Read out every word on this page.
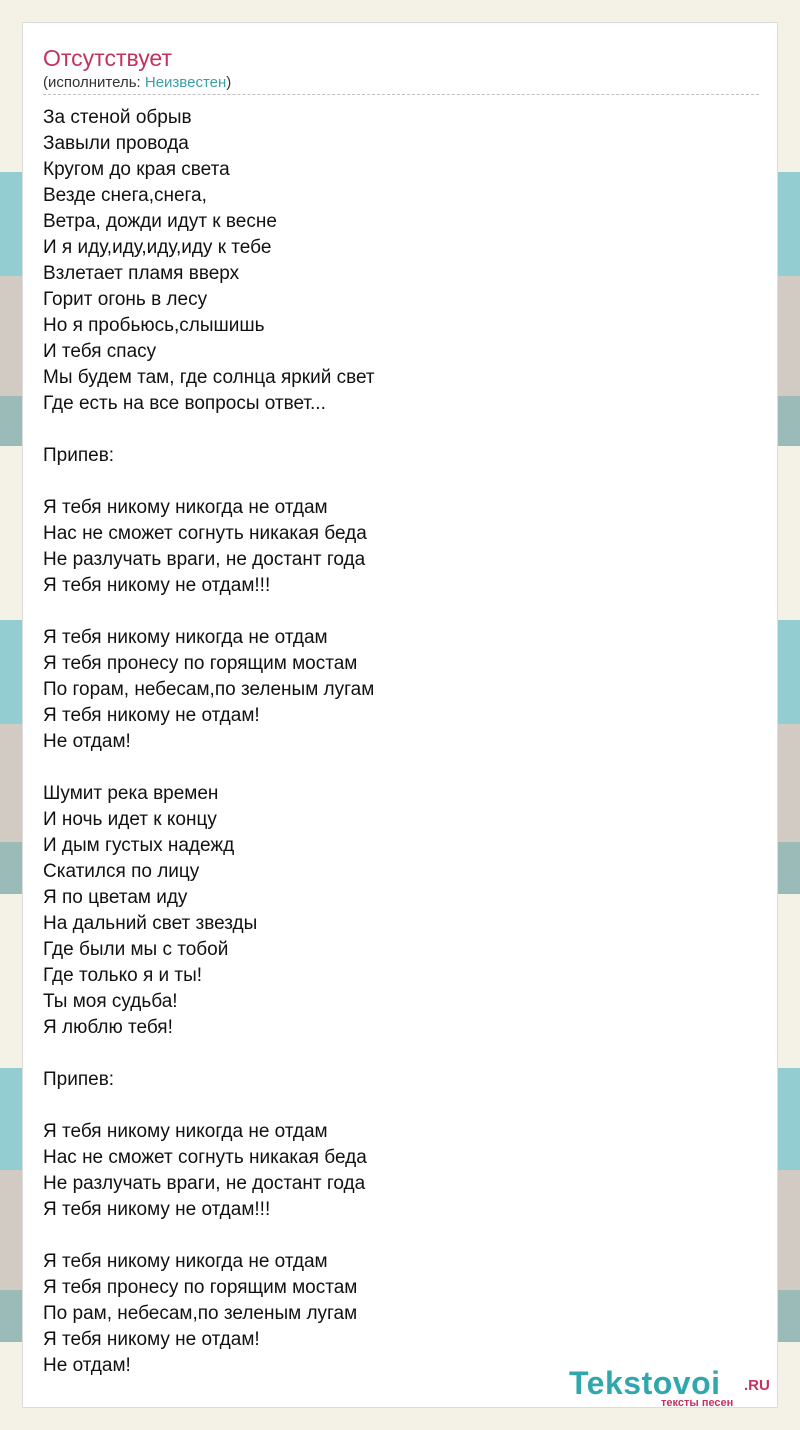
Отсутствует
(исполнитель: Неизвестен)
За стеной обрыв
Завыли провода
Кругом до края света
Везде снега,снега,
Ветра, дожди идут к весне
И я иду,иду,иду,иду к тебе
Взлетает пламя вверх
Горит огонь в лесу
Но я пробьюсь,слышишь
И тебя спасу
Мы будем там, где солнца яркий свет
Где есть на все вопросы ответ...
Припев:
Я тебя никому никогда не отдам
Нас не сможет согнуть никакая беда
Не разлучать враги, не достант года
Я тебя никому не отдам!!!
Я тебя никому никогда не отдам
Я тебя пронесу по горящим мостам
По горам, небесам,по зеленым лугам
Я тебя никому не отдам!
Не отдам!
Шумит река времен
И ночь идет к концу
И дым густых надежд
Скатился по лицу
Я по цветам иду
На дальний свет звезды
Где были мы с тобой
Где только я и ты!
Ты моя судьба!
Я люблю тебя!
Припев:
Я тебя никому никогда не отдам
Нас не сможет согнуть никакая беда
Не разлучать враги, не достант года
Я тебя никому не отдам!!!
Я тебя никому никогда не отдам
Я тебя пронесу по горящим мостам
По рам, небесам,по зеленым лугам
Я тебя никому не отдам!
Не отдам!	Tekstovoi .RU
тексты песен
